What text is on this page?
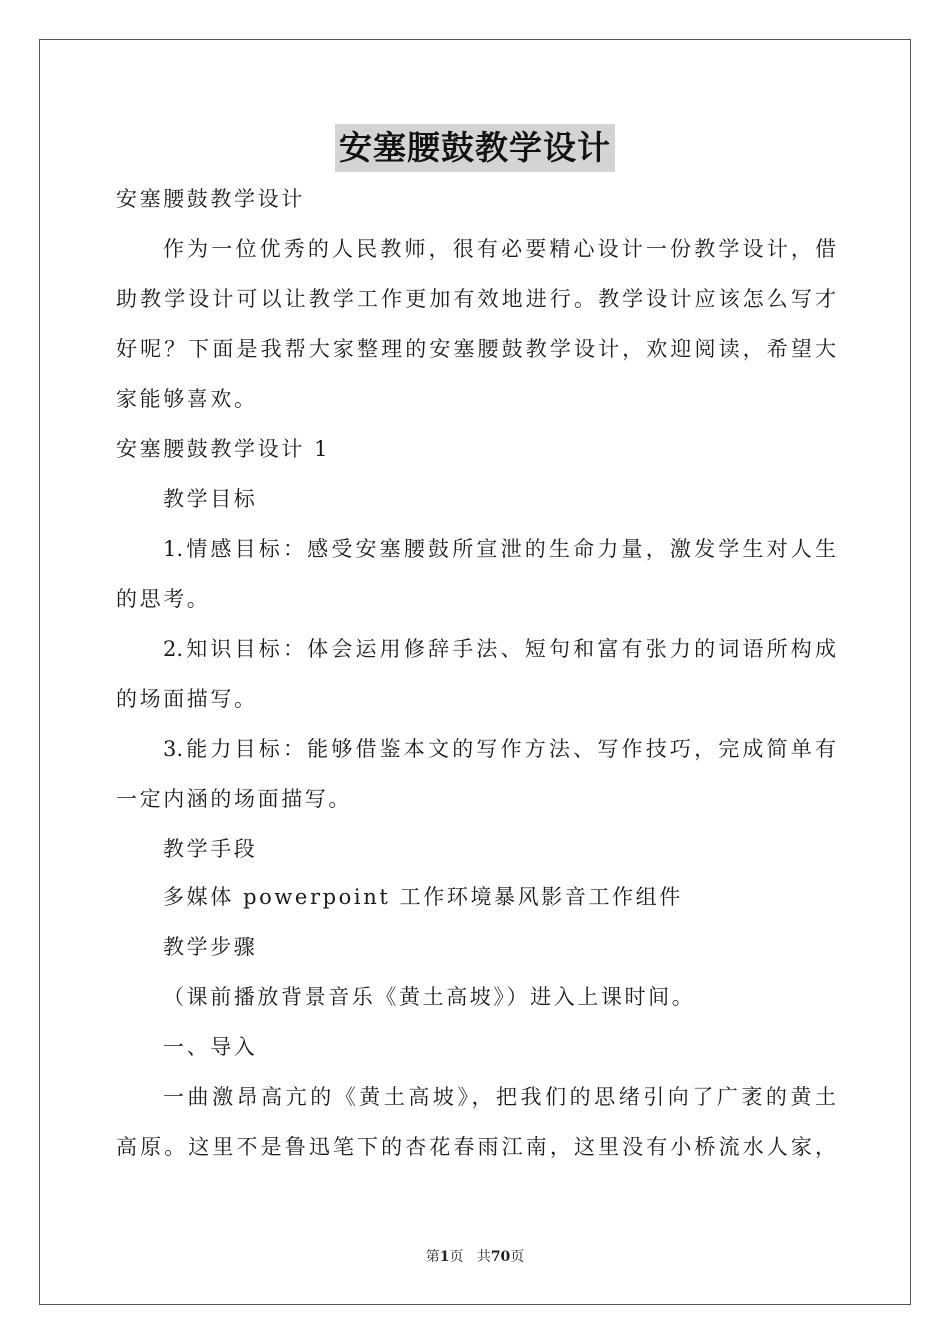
安塞腰鼓教学设计
安塞腰鼓教学设计
作为一位优秀的人民教师，很有必要精心设计一份教学设计，借
助教学设计可以让教学工作更加有效地进行。教学设计应该怎么写才
好呢？下面是我帮大家整理的安塞腰鼓教学设计，欢迎阅读，希望大
家能够喜欢。
安塞腰鼓教学设计 1
教学目标
1.情感目标：感受安塞腰鼓所宣泄的生命力量，激发学生对人生
的思考。
2.知识目标：体会运用修辞手法、短句和富有张力的词语所构成
的场面描写。
3.能力目标：能够借鉴本文的写作方法、写作技巧，完成简单有
一定内涵的场面描写。
教学手段
多媒体 powerpoint 工作环境暴风影音工作组件
教学步骤
（课前播放背景音乐《黄土高坡》）进入上课时间。
一、导入
一曲激昂高亢的《黄土高坡》，把我们的思绪引向了广袤的黄土
高原。这里不是鲁迅笔下的杏花春雨江南，这里没有小桥流水人家，
第1页 共70页
